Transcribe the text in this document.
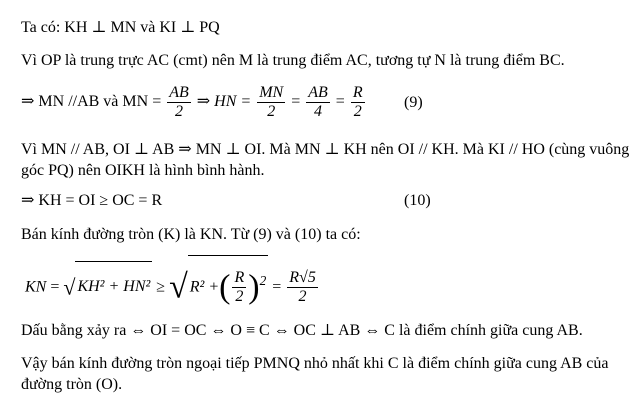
Ta có: KH ⊥ MN và KI ⊥ PQ
Vì OP là trung trực AC (cmt) nên M là trung điểm AC, tương tự N là trung điểm BC.
⇒ MN //AB và MN = $\frac{AB}{2}$ ⇒ HN = $\frac{MN}{2} = \frac{AB}{4} = \frac{R}{2} (9)$
Vì MN // AB, OI ⊥ AB ⇒ MN ⊥ OI. Mà MN ⊥ KH nên OI // KH. Mà KI // HO (cùng vuông
góc PQ) nên OIKH là hình bình hành.
⇒ KH = OI ≥ OC = R	(10)
Bán kính đường tròn (K) là KN. Từ (9) và (10) ta có:
KN = √ KH² + HN² ≥ √ R² +( $\frac{R}{2} )^2 = \frac{R√5}{2}$
Dấu bằng xảy ra ⇔ OI = OC ⇔ O ≡ C ⇔ OC ⊥ AB ⇔ C là điểm chính giữa cung AB.
Vậy bán kính đường tròn ngoại tiếp PMNQ nhỏ nhất khi C là điểm chính giữa cung AB của
đường tròn (O).
